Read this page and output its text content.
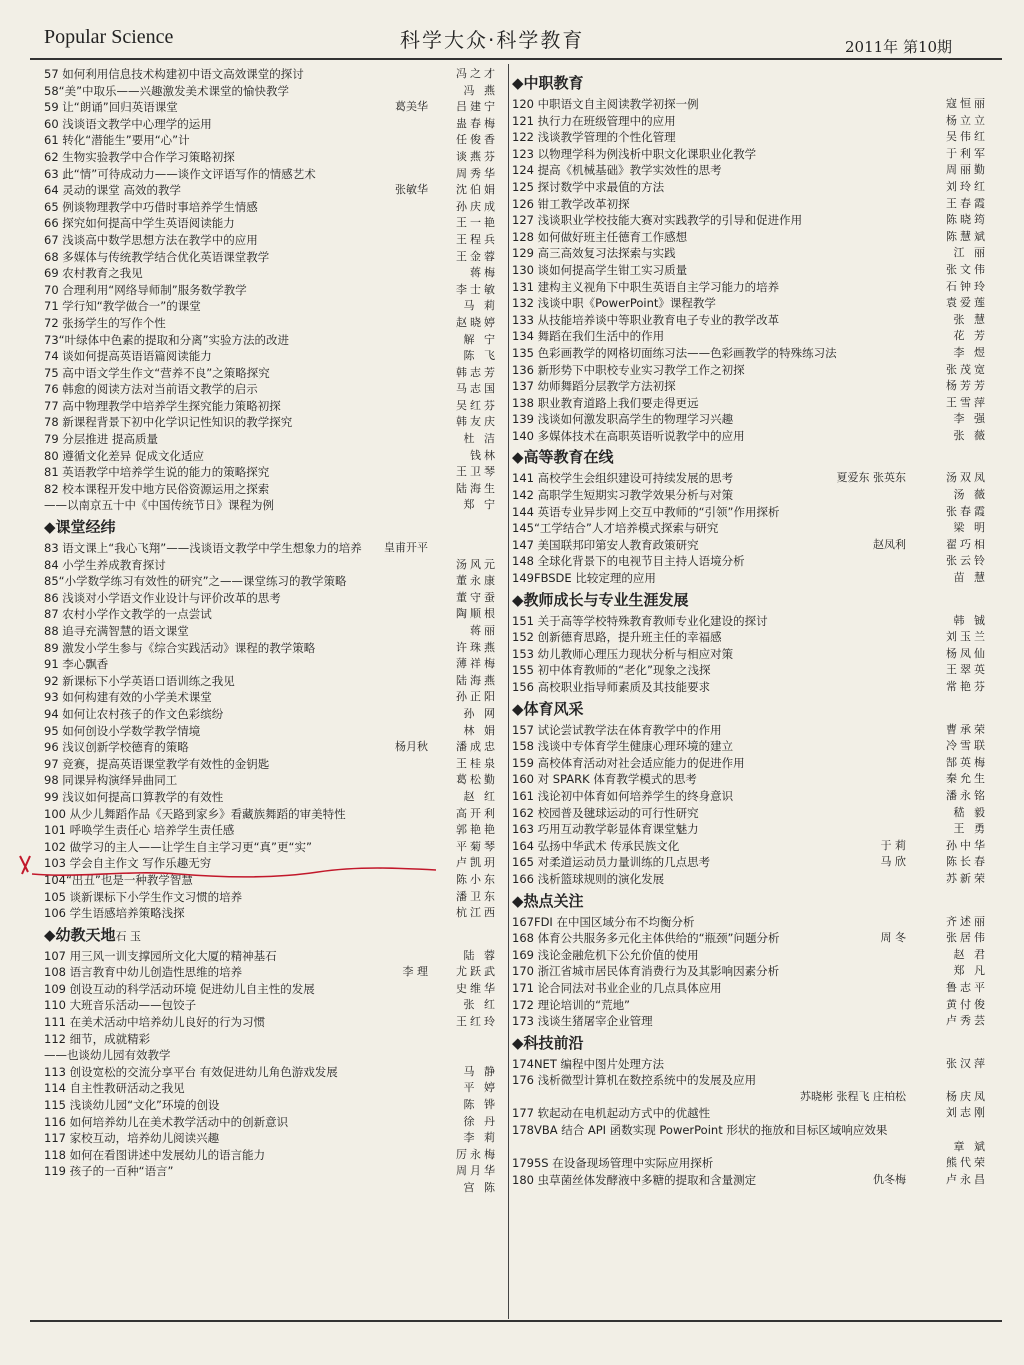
Popular Science	科学大众·科学教育	2011年 第10期
57 如何利用信息技术构建初中语文高效课堂的探讨	冯之才
58“美”中取乐——兴趣激发美术课堂的愉快教学	冯 燕
59 让“朗诵”回归英语课堂	葛美华	吕建宁
60 浅谈语文教学中心理学的运用	蛊春梅
61 转化“潜能生”要用“心”计	任俊香
62 生物实验教学中合作学习策略初探	谈燕芬
63 此“情”可待成动力——谈作文评语写作的情感艺术	周秀华
64 灵动的课堂 高效的教学	张敏华	沈伯娟
65 例谈物理教学中巧借时事培养学生情感	孙庆成
66 探究如何提高中学生英语阅读能力	王一艳
67 浅谈高中数学思想方法在教学中的应用	王程兵
68 多媒体与传统教学结合优化英语课堂教学	王金蓉
69 农村教育之我见	蒋梅
70 合理利用“网络导师制”服务数学教学	李士敏
71 学行知“教学做合一”的课堂	马 莉
72 张扬学生的写作个性	赵晓婷
73“叶绿体中色素的提取和分离”实验方法的改进	解 宁
74 谈如何提高英语语篇阅读能力	陈 飞
75 高中语文学生作文“营养不良”之策略探究	韩志芳
76 韩愈的阅读方法对当前语文教学的启示	马志国
77 高中物理教学中培养学生探究能力策略初探	吴红芬
78 新课程背景下初中化学识记性知识的教学探究	韩友庆
79 分层推进 提高质量	杜 洁
80 遵循文化差异 促成文化适应	钱林
81 英语教学中培养学生说的能力的策略探究	王卫琴
82 校本课程开发中地方民俗资源运用之探索	陆海生
——以南京五十中《中国传统节日》课程为例	郑 宁
◆课堂经纬
83 语文课上“我心飞翔”——浅谈语文教学中学生想象力的培养 皇甫开平
84 小学生养成教育探讨	汤风元
85“小学数学练习有效性的研究”之——课堂练习的教学策略	董永康
86 浅谈对小学语文作业设计与评价改革的思考	董守蚕
87 农村小学作文教学的一点尝试	陶顺根
88 追寻充满智慧的语文课堂	蒋丽
89 激发小学生参与《综合实践活动》课程的教学策略	许珠燕
91 李心飘香	薄祥梅
92 新课标下小学英语口语训练之我见	陆海燕
93 如何构建有效的小学美术课堂	孙正阳
94 如何让农村孩子的作文色彩缤纷	孙 网
95 如何创设小学数学教学情境	林 娟
96 浅议创新学校德育的策略	杨月秋	潘成忠
97 竞赛，提高英语课堂教学有效性的金钥匙	王桂泉
98 同课异构演绎异曲同工	葛松勤
99 浅议如何提高口算教学的有效性	赵 红
100 从少儿舞蹈作品《天路到家乡》看藏族舞蹈的审美特性	高开利
101 呼唤学生责任心 培养学生责任感	郭艳艳
102 做学习的主人——让学生自主学习更“真”更“实”	平菊琴
103 学会自主作文 写作乐趣无穷	卢凯玥
104“出丑”也是一种教学智慧	陈小东
105 谈新课标下小学生作文习惯的培养	潘卫东
106 学生语感培养策略浅探	杭江西
◆幼教天地石 玉
107 用三风一训支撑园所文化大厦的精神基石	陆 蓉
108 语言教育中幼儿创造性思维的培养	李 理	尤跃武
109 创设互动的科学活动环境 促进幼儿自主性的发展	史维华
110 大班音乐活动——包饺子	张 红
111 在美术活动中培养幼儿良好的行为习惯	王红玲
112 细节，成就精彩
——也谈幼儿园有效教学
113 创设宽松的交流分享平台 有效促进幼儿角色游戏发展	马 静
114 自主性教研活动之我见	平 婷
115 浅谈幼儿园“文化”环境的创设	陈 铧
116 如何培养幼儿在美术教学活动中的创新意识	徐 丹
117 家校互动，培养幼儿阅读兴趣	李 莉
118 如何在看图讲述中发展幼儿的语言能力	厉永梅
119 孩子的一百种“语言”	周月华
宫 陈
◆中职教育
120 中职语文自主阅读教学初探一例	寇恒丽
121 执行力在班级管理中的应用	杨立立
122 浅谈教学管理的个性化管理	吴伟红
123 以物理学科为例浅析中职文化课职业化教学	于利军
124 提高《机械基础》教学实效性的思考	周丽勤
125 探讨数学中求最值的方法	刘玲红
126 钳工教学改革初探	王春霞
127 浅谈职业学校技能大赛对实践教学的引导和促进作用	陈晓筠
128 如何做好班主任德育工作感想	陈慧斌
129 高三高效复习法探索与实践	江 丽
130 谈如何提高学生钳工实习质量	张文伟
131 建构主义视角下中职生英语自主学习能力的培养	石钟玲
132 浅谈中职《PowerPoint》课程教学	袁爱莲
133 从技能培养谈中等职业教育电子专业的教学改革	张 慧
134 舞蹈在我们生活中的作用	花 芳
135 色彩画教学的网格切面练习法——色彩画教学的特殊练习法	李 煜
136 新形势下中职校专业实习教学工作之初探	张茂宽
137 幼师舞蹈分层教学方法初探	杨芳芳
138 职业教育道路上我们要走得更远	王雪萍
139 浅谈如何激发职高学生的物理学习兴趣	李 强
140 多媒体技术在高职英语听说教学中的应用	张 薇
◆高等教育在线
141 高校学生会组织建设可持续发展的思考	夏爱东 张英东	汤双凤
142 高职学生短期实习教学效果分析与对策	汤 薇
144 英语专业异步网上交互中教师的“引领”作用探析	张春霞
145“工学结合”人才培养模式探索与研究	梁 明
147 美国联邦印第安人教育政策研究	赵凤利	翟巧相
148 全球化背景下的电视节目主持人语境分析	张云铃
149FBSDE 比较定理的应用	苗 慧
◆教师成长与专业生涯发展
151 关于高等学校特殊教育教师专业化建设的探讨	韩 铖
152 创新德育思路，提升班主任的幸福感	刘玉兰
153 幼儿教师心理压力现状分析与相应对策	杨凤仙
155 初中体育教师的“老化”现象之浅探	王翠英
156 高校职业指导师素质及其技能要求	常艳芬
◆体育风采
157 试论尝试教学法在体育教学中的作用	曹承荣
158 浅谈中专体育学生健康心理环境的建立	冷雪联
159 高校体育活动对社会适应能力的促进作用	郜英梅
160 对 SPARK 体育教学模式的思考	秦允生
161 浅论初中体育如何培养学生的终身意识	潘永铭
162 校园普及毽球运动的可行性研究	嵇 毅
163 巧用互动教学彰显体育课堂魅力	王 勇
164 弘扬中华武术 传承民族文化	于 莉	孙中华
165 对柔道运动员力量训练的几点思考	马 欣	陈长春
166 浅析篮球规则的演化发展	苏新荣
◆热点关注
167FDI 在中国区域分布不均衡分析	齐述丽
168 体育公共服务多元化主体供给的“瓶颈”问题分析	周 冬	张居伟
169 浅论金融危机下公允价值的使用	赵 君
170 浙江省城市居民体育消费行为及其影响因素分析	郑 凡
171 论合同法对书业企业的几点具体应用	鲁志平
172 理论培训的“荒地”	黄付俊
173 浅谈生猪屠宰企业管理	卢秀芸
◆科技前沿
174NET 编程中图片处理方法	张汉萍
176 浅析微型计算机在数控系统中的发展及应用
苏晓彬 张程飞 庄柏松	杨庆凤
177 软起动在电机起动方式中的优越性	刘志刚
178VBA 结合 API 函数实现 PowerPoint 形状的拖放和目标区域响应效果
章 斌
1795S 在设备现场管理中实际应用探析	熊代荣
180 虫草菌丝体发酵液中多糖的提取和含量测定	仇冬梅	卢永昌
